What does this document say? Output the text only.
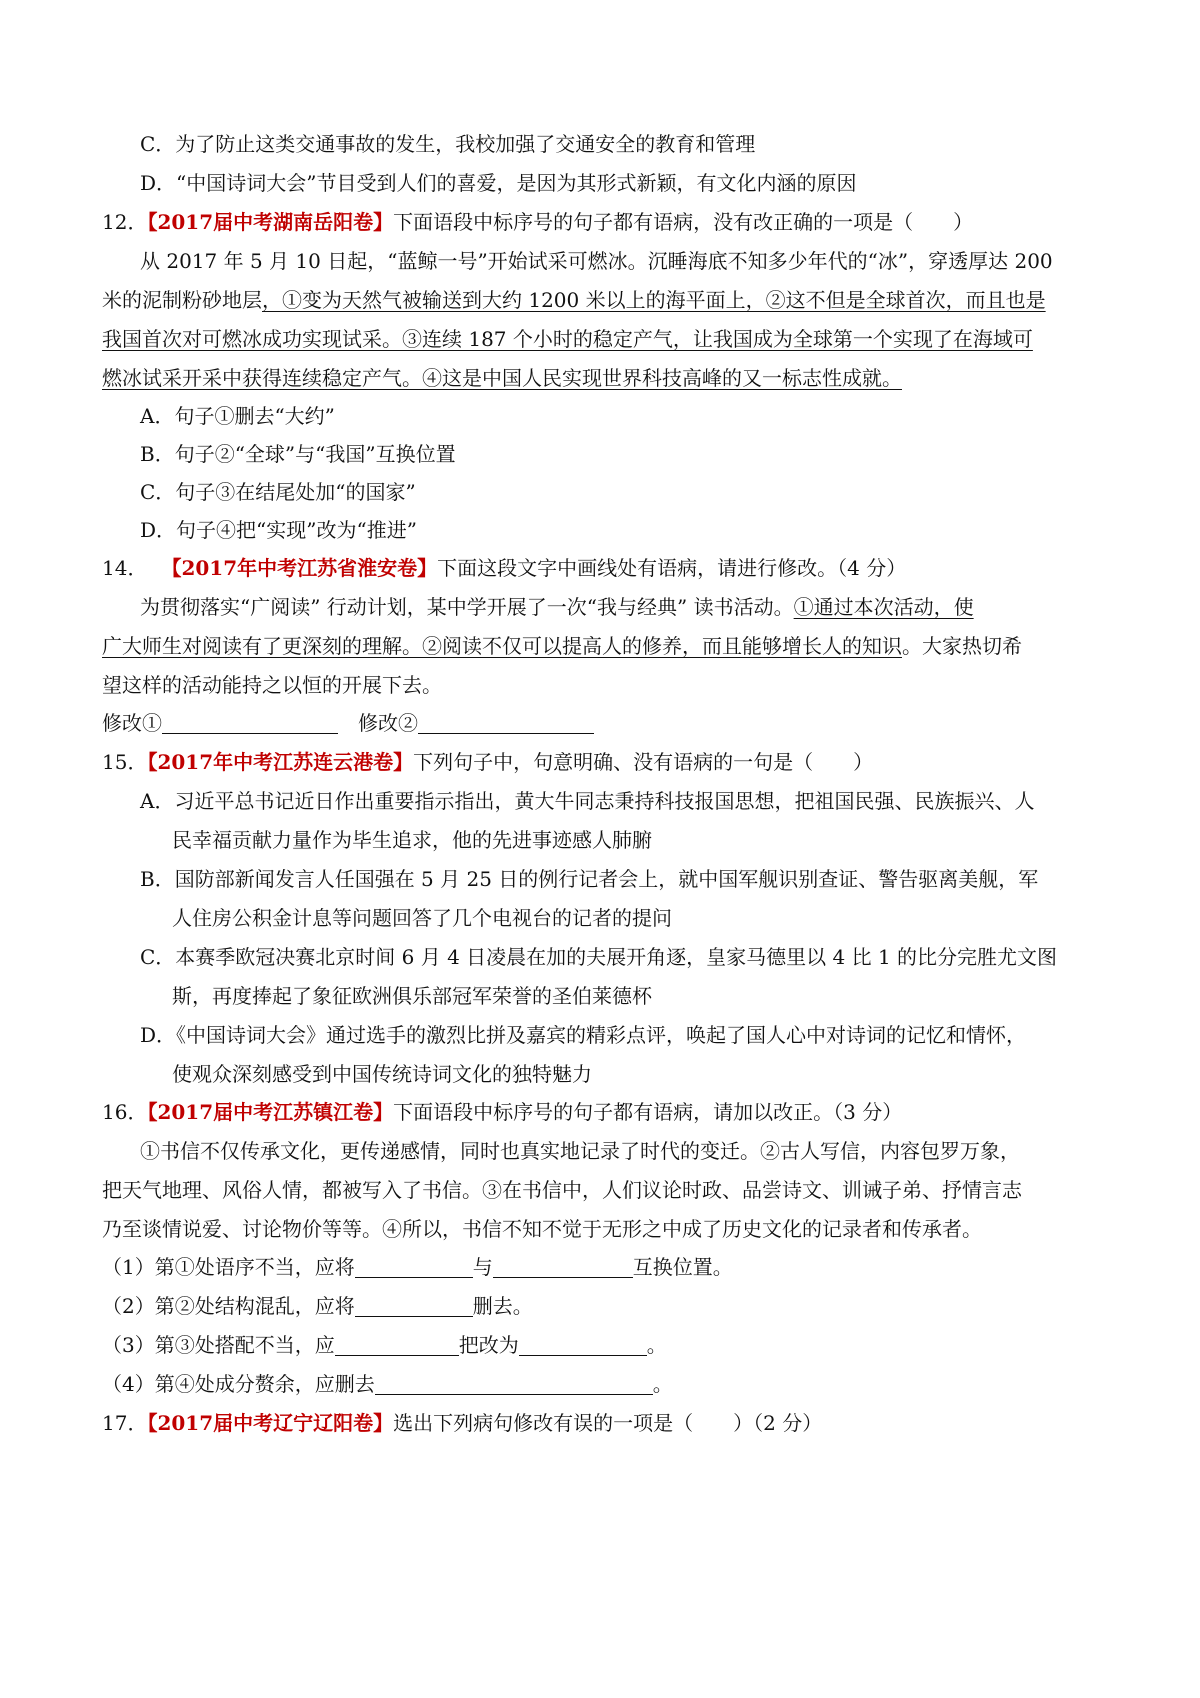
C．为了防止这类交通事故的发生，我校加强了交通安全的教育和管理
D．“中国诗词大会”节目受到人们的喜爱，是因为其形式新颖，有文化内涵的原因
12．【2017届中考湖南岳阳卷】下面语段中标序号的句子都有语病，没有改正确的一项是（　　）
从 2017 年 5 月 10 日起，“蓝鲸一号”开始试采可燃冰。沉睡海底不知多少年代的“冰”，穿透厚达 200
米的泥制粉砂地层，①变为天然气被输送到大约 1200 米以上的海平面上，②这不但是全球首次，而且也是
我国首次对可燃冰成功实现试采。③连续 187 个小时的稳定产气，让我国成为全球第一个实现了在海域可
燃冰试采开采中获得连续稳定产气。④这是中国人民实现世界科技高峰的又一标志性成就。
A．句子①删去“大约”
B．句子②“全球”与“我国”互换位置
C．句子③在结尾处加“的国家”
D．句子④把“实现”改为“推进”
14． 【2017年中考江苏省淮安卷】下面这段文字中画线处有语病，请进行修改。（4 分）
为贯彻落实“广阅读” 行动计划，某中学开展了一次“我与经典” 读书活动。①通过本次活动，使
广大师生对阅读有了更深刻的理解。②阅读不仅可以提高人的修养，而且能够增长人的知识。大家热切希
望这样的活动能持之以恒的开展下去。
修改①	修改②
15．【2017年中考江苏连云港卷】下列句子中，句意明确、没有语病的一句是（　　）
A．习近平总书记近日作出重要指示指出，黄大牛同志秉持科技报国思想，把祖国民强、民族振兴、人
民幸福贡献力量作为毕生追求，他的先进事迹感人肺腑
B．国防部新闻发言人任国强在 5 月 25 日的例行记者会上，就中国军舰识别查证、警告驱离美舰，军
人住房公积金计息等问题回答了几个电视台的记者的提问
C．本赛季欧冠决赛北京时间 6 月 4 日凌晨在加的夫展开角逐，皇家马德里以 4 比 1 的比分完胜尤文图
斯，再度捧起了象征欧洲俱乐部冠军荣誉的圣伯莱德杯
D．《中国诗词大会》通过选手的激烈比拼及嘉宾的精彩点评，唤起了国人心中对诗词的记忆和情怀，
使观众深刻感受到中国传统诗词文化的独特魅力
16．【2017届中考江苏镇江卷】下面语段中标序号的句子都有语病，请加以改正。（3 分）
①书信不仅传承文化，更传递感情，同时也真实地记录了时代的变迁。②古人写信，内容包罗万象，
把天气地理、风俗人情，都被写入了书信。③在书信中，人们议论时政、品尝诗文、训诫子弟、抒情言志
乃至谈情说爱、讨论物价等等。④所以，书信不知不觉于无形之中成了历史文化的记录者和传承者。
（1）第①处语序不当，应将	与	互换位置。
（2）第②处结构混乱，应将	删去。
（3）第③处搭配不当，应	把改为	。
（4）第④处成分赘余，应删去	。
17．【2017届中考辽宁辽阳卷】选出下列病句修改有误的一项是（　　）（2 分）
